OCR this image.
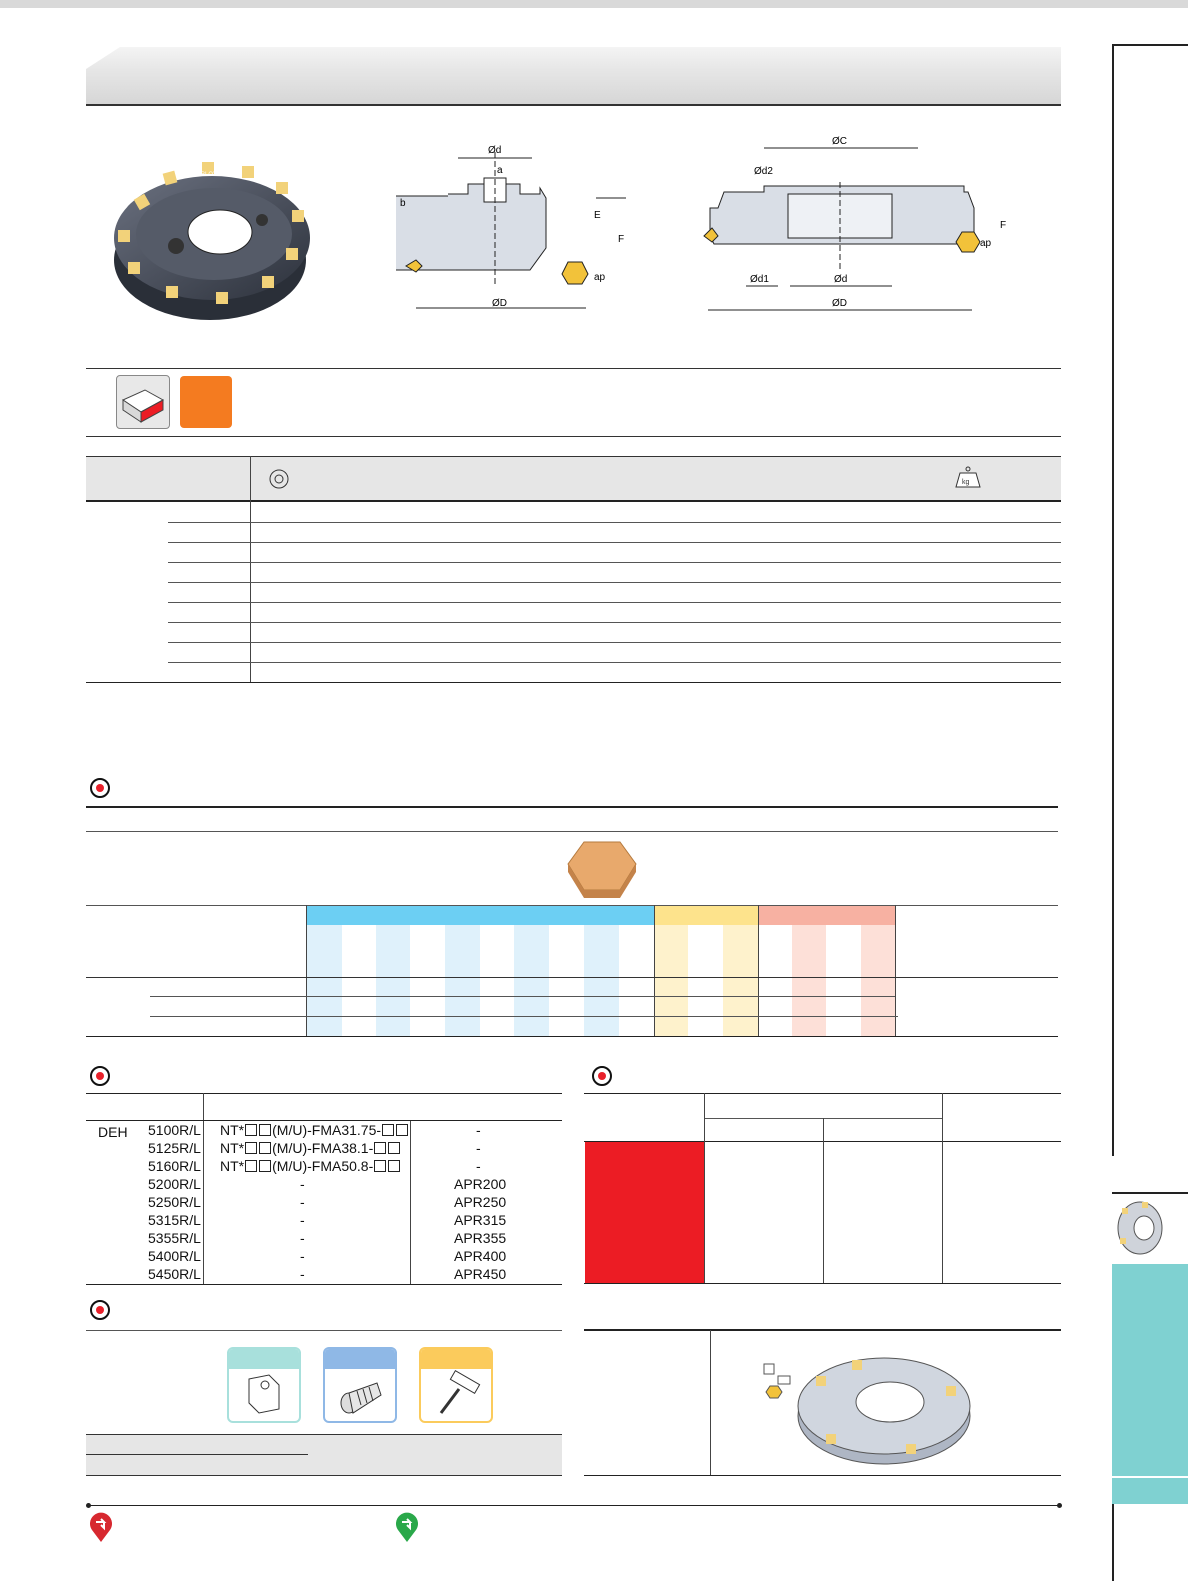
KORLOY
Ød
a
b
E
F
ap
ØD
ØC
Ød2
Ød1	Ød
F
ap
ØD
kg
DEH 5100R/L NT* (M/U)-FMA31.75-	-
5125R/L NT* (M/U)-FMA38.1-	-
5160R/L NT* (M/U)-FMA50.8-	-
5200R/L	-	APR200
5250R/L	-	APR250
5315R/L	-	APR315
5355R/L	-	APR355
5400R/L	-	APR400
5450R/L	-	APR450
